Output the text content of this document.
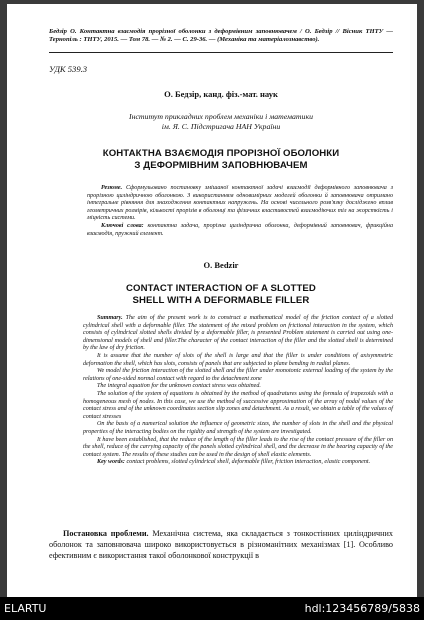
Бедзір О. Контактна взаємодія прорізної оболонки з деформівним заповнювачем / О. Бедзір // Вісник ТНТУ — Тернопіль : ТНТУ, 2015. — Том 78. — № 2. — С. 29-36. — (Механіка та матеріалознавство).
УДК 539.3
О. Бедзір, канд. фіз.-мат. наук
Інститут прикладних проблем механіки і математики
ім. Я. С. Підстригача НАН України
КОНТАКТНА ВЗАЄМОДІЯ ПРОРІЗНОЇ ОБОЛОНКИ
З ДЕФОРМІВНИМ ЗАПОВНЮВАЧЕМ

Резюме. Сформульовано постановку змішаної контактної задачі взаємодії деформівного заповнювача з прорізною циліндричною оболонкою. З використанням одновимірних моделей оболонки й заповнювача отримано інтегральне рівняння для знаходження контактних напружень. На основі чисельного розв'язку досліджено вплив геометричних розмірів, кількості прорізів в оболонці та фізичних властивостей взаємодіючих тіл на жорсткість і міцність системи.

Ключові слова: контактна задача, прорізна циліндрична оболонка, деформівний заповнювач, фрикційна взаємодія, пружний елемент.

O. Bedzir
CONTACT INTERACTION OF A SLOTTED
SHELL WITH A DEFORMABLE FILLER

Summary. The aim of the present work is to construct a mathematical model of the friction contact of a slotted cylindrical shell with a deformable filler. The statement of the mixed problem on frictional interaction in the system, which consists of cylindrical slotted shells divided by a deformable filler, is presented Problem statement is carried out using one-dimensional models of shell and filler.The character of the contact interaction of the filler and the slotted shell is determined by the law of dry friction.

It is assume that the number of slots of the shell is large and that the filler is under conditions of axisymmetric deformation the shell, which has slots, consists of panels that are subjected to plane bending in radial planes.

We model the friction interaction of the slotted shell and the filler under monotonic external loading of the system by the relations of one-sided normal contact with regard to the detachment zone

The integral equation for the unknown contact stress was obtained.

The solution of the system of equations is obtained by the method of quadratures using the formula of trapezoids with a homogeneous mesh of nodes. In this case, we use the method of successive approximation of the array of nodal values of the contact stress and of the unknown coordinates section slip zones and detachment. As a result, we obtain a table of the values of contact stresses

On the basis of a numerical solution the influence of geometric sizes, the number of slots in the shell and the physical properties of the interacting bodies on the rigidity and strength of the system are investigated.

It have been established, that the reduce of the length of the filler leads to the rise of the contact pressure of the filler on the shell, reduce of the carrying capacity of the panels slotted cylindrical shell, and the decrease in the bearing capacity of the contact system. The results of these studies can be used in the design of shell elastic elements.

Key words: contact problems, slotted cylindrical shell, deformable filler, friction interaction, elastic component.

Постановка проблеми. Механічна система, яка складається з тонкостінних циліндричних оболонок та заповнювача широко використовується в різноманітних механізмах [1]. Особливо ефективним є використання такої оболонкової конструкції в

ELARTU	hdl:123456789/5838
